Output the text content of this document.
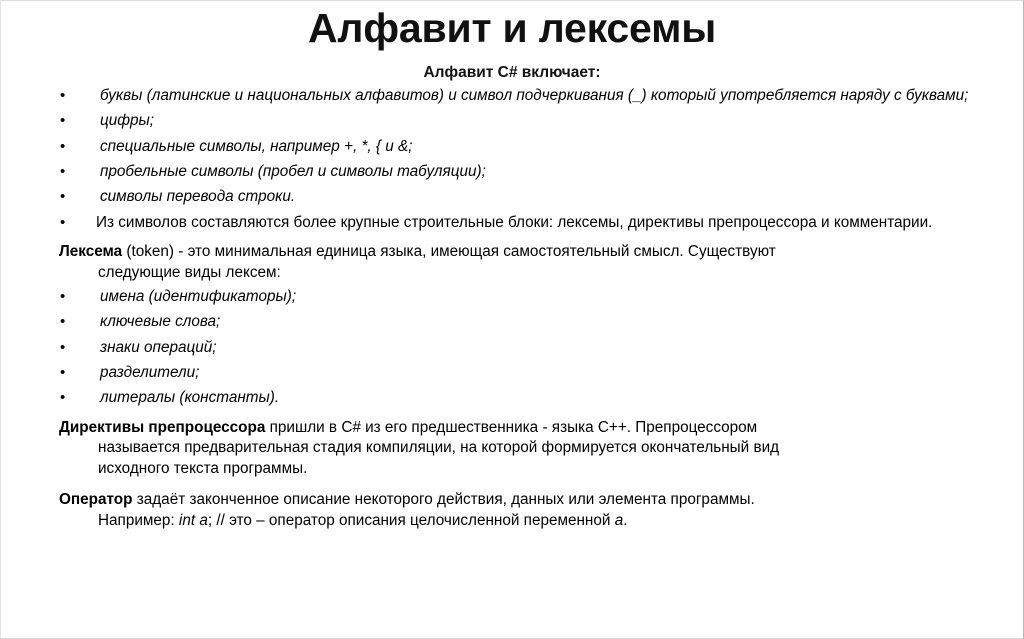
Алфавит и лексемы
Алфавит C# включает:
•	буквы (латинские и национальных алфавитов) и символ подчеркивания (_) который употребляется наряду с буквами;
•	цифры;
•	специальные символы, например +, *, { и &;
•	пробельные символы (пробел и символы табуляции);
•	символы перевода строки.
•	Из символов составляются более крупные строительные блоки: лексемы, директивы препроцессора и комментарии.

Лексема (token) - это минимальная единица языка, имеющая самостоятельный смысл. Существуют
следующие виды лексем:

•	имена (идентификаторы);
•	ключевые слова;
•	знаки операций;
•	разделители;
•	литералы (константы).

Директивы препроцессора пришли в C# из его предшественника - языка C++. Препроцессором
называется предварительная стадия компиляции, на которой формируется окончательный вид
исходного текста программы.

Оператор задаёт законченное описание некоторого действия, данных или элемента программы.
Например: int a; // это – оператор описания целочисленной переменной a.
